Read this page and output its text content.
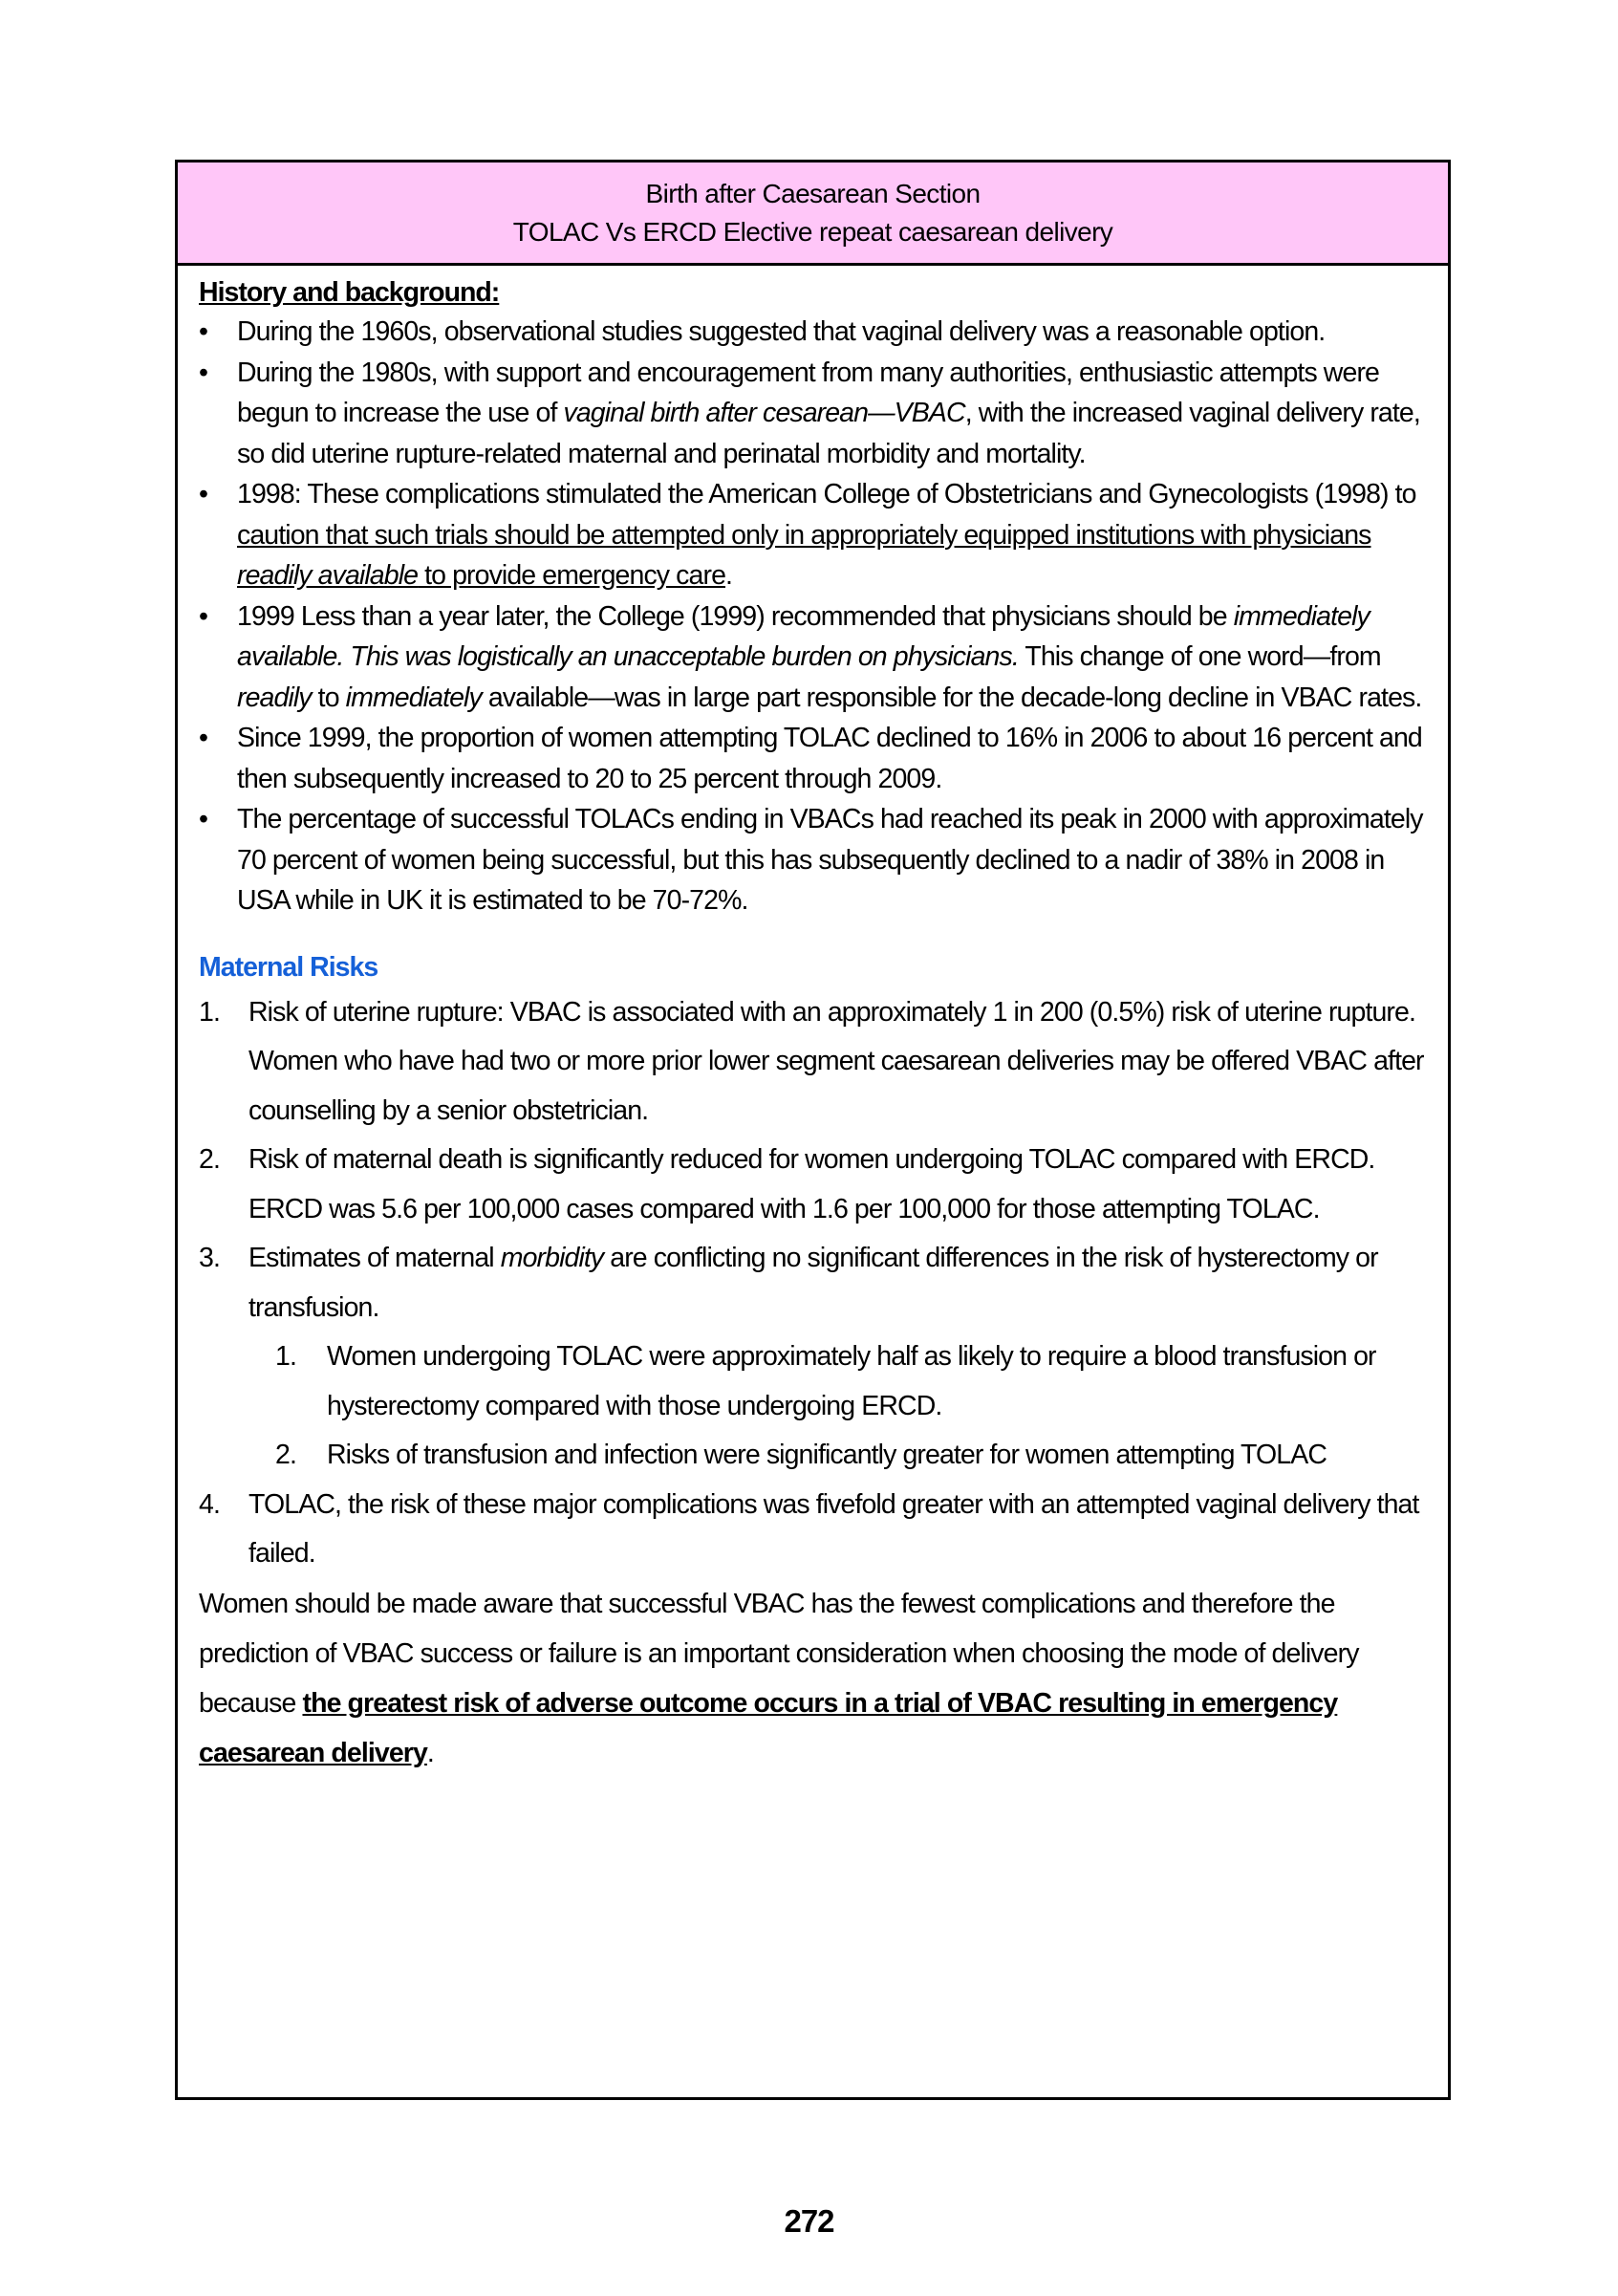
Birth after Caesarean Section
TOLAC Vs ERCD Elective repeat caesarean delivery
History and background:
• During the 1960s, observational studies suggested that vaginal delivery was a reasonable option.
• During the 1980s, with support and encouragement from many authorities, enthusiastic attempts were begun to increase the use of vaginal birth after cesarean—VBAC, with the increased vaginal delivery rate, so did uterine rupture-related maternal and perinatal morbidity and mortality.
• 1998: These complications stimulated the American College of Obstetricians and Gynecologists (1998) to caution that such trials should be attempted only in appropriately equipped institutions with physicians readily available to provide emergency care.
• 1999 Less than a year later, the College (1999) recommended that physicians should be immediately available. This was logistically an unacceptable burden on physicians. This change of one word—from readily to immediately available—was in large part responsible for the decade-long decline in VBAC rates.
• Since 1999, the proportion of women attempting TOLAC declined to 16% in 2006 to about 16 percent and then subsequently increased to 20 to 25 percent through 2009.
• The percentage of successful TOLACs ending in VBACs had reached its peak in 2000 with approximately 70 percent of women being successful, but this has subsequently declined to a nadir of 38% in 2008 in USA while in UK it is estimated to be 70-72%.
Maternal Risks
1. Risk of uterine rupture: VBAC is associated with an approximately 1 in 200 (0.5%) risk of uterine rupture. Women who have had two or more prior lower segment caesarean deliveries may be offered VBAC after counselling by a senior obstetrician.
2. Risk of maternal death is significantly reduced for women undergoing TOLAC compared with ERCD. ERCD was 5.6 per 100,000 cases compared with 1.6 per 100,000 for those attempting TOLAC.
3. Estimates of maternal morbidity are conflicting no significant differences in the risk of hysterectomy or transfusion.
1. Women undergoing TOLAC were approximately half as likely to require a blood transfusion or hysterectomy compared with those undergoing ERCD.
2. Risks of transfusion and infection were significantly greater for women attempting TOLAC
4. TOLAC, the risk of these major complications was fivefold greater with an attempted vaginal delivery that failed.
Women should be made aware that successful VBAC has the fewest complications and therefore the prediction of VBAC success or failure is an important consideration when choosing the mode of delivery because the greatest risk of adverse outcome occurs in a trial of VBAC resulting in emergency caesarean delivery.
272
